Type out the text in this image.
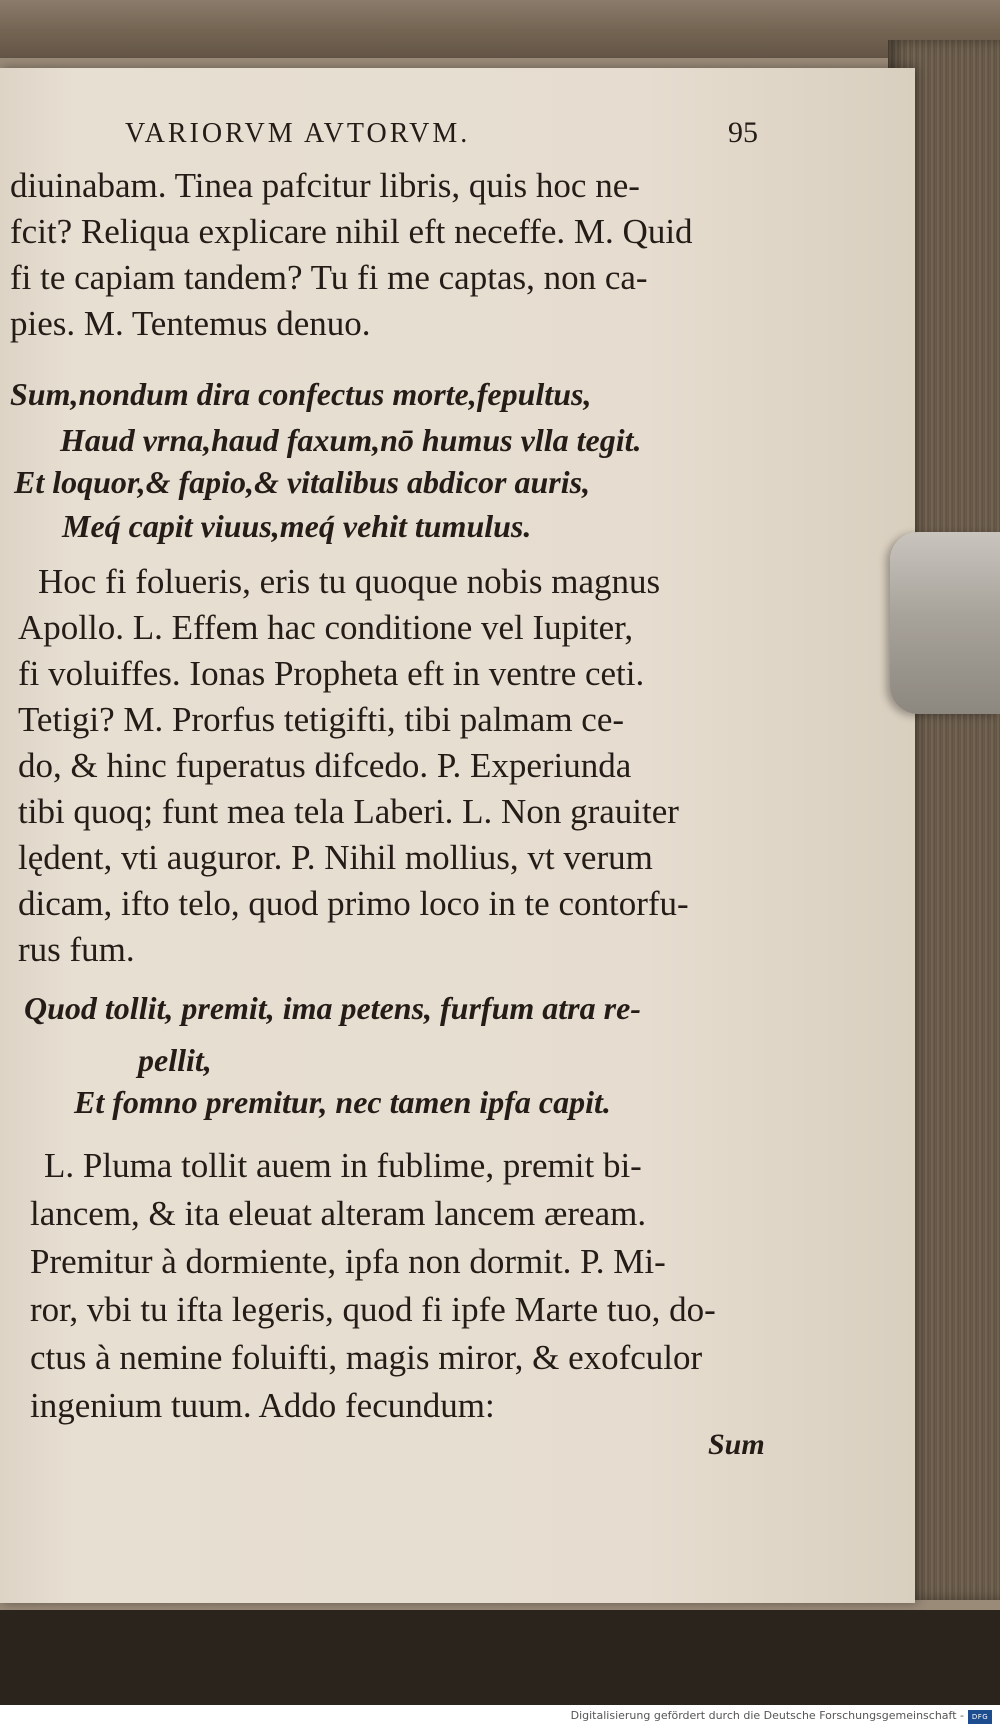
VARIORVM AVTORVM.	95
diuinabam. Tinea pafcitur libris, quis hoc ne-
fcit? Reliqua explicare nihil eft neceffe. M. Quid
fi te capiam tandem? Tu fi me captas, non ca-
pies. M. Tentemus denuo.
Sum,nondum dira confectus morte,fepultus,
Haud vrna,haud faxum,nō humus vlla tegit.
Et loquor,& fapio,& vitalibus abdicor auris,
Meq́ capit viuus,meq́ vehit tumulus.
Hoc fi folueris, eris tu quoque nobis magnus
Apollo. L. Effem hac conditione vel Iupiter,
fi voluiffes. Ionas Propheta eft in ventre ceti.
Tetigi? M. Prorfus tetigifti, tibi palmam ce-
do, & hinc fuperatus difcedo. P. Experiunda
tibi quoq; funt mea tela Laberi. L. Non grauiter
lędent, vti auguror. P. Nihil mollius, vt verum
dicam, ifto telo, quod primo loco in te contorfu-
rus fum.
Quod tollit, premit, ima petens, furfum atra re-
pellit,
Et fomno premitur, nec tamen ipfa capit.
L. Pluma tollit auem in fublime, premit bi-
lancem, & ita eleuat alteram lancem æream.
Premitur à dormiente, ipfa non dormit. P. Mi-
ror, vbi tu ifta legeris, quod fi ipfe Marte tuo, do-
ctus à nemine foluifti, magis miror, & exofculor
ingenium tuum. Addo fecundum:
Sum
Digitalisierung gefördert durch die Deutsche Forschungsgemeinschaft -	DFG
